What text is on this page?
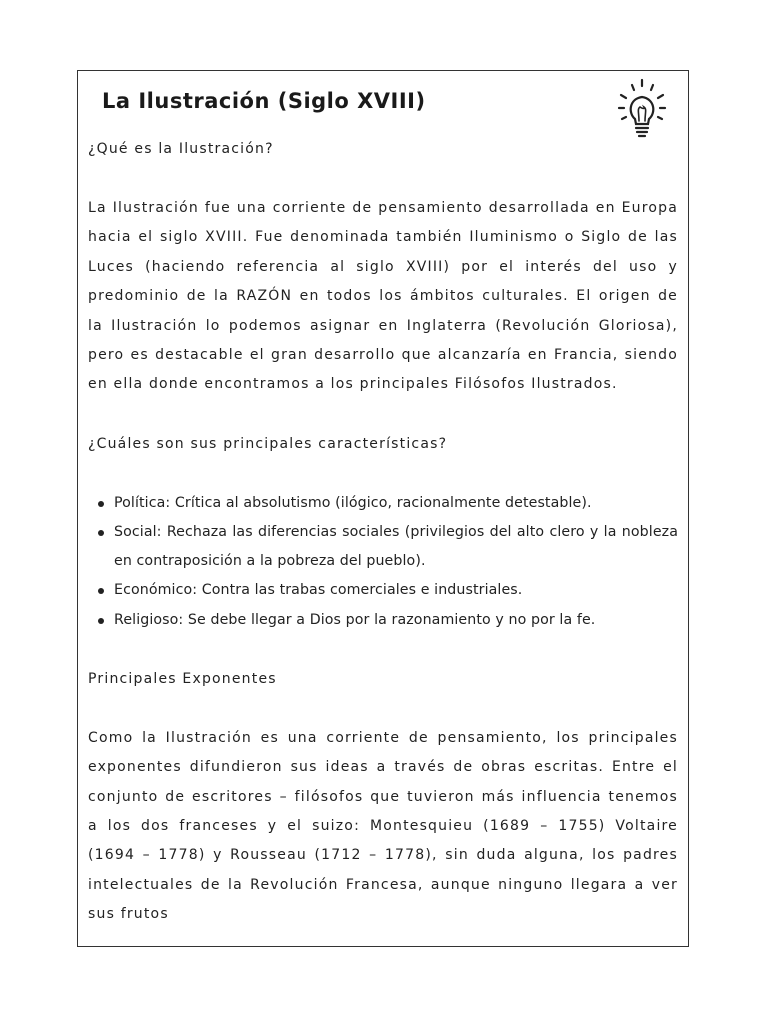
La Ilustración (Siglo XVIII)

¿Qué es la Ilustración?

La Ilustración fue una corriente de pensamiento desarrollada en Europa hacia el siglo XVIII. Fue denominada también Iluminismo o Siglo de las Luces (haciendo referencia al siglo XVIII) por el interés del uso y predominio de la RAZÓN en todos los ámbitos culturales. El origen de la Ilustración lo podemos asignar en Inglaterra (Revolución Gloriosa), pero es destacable el gran desarrollo que alcanzaría en Francia, siendo en ella donde encontramos a los principales Filósofos Ilustrados.

¿Cuáles son sus principales características?

Política: Crítica al absolutismo (ilógico, racionalmente detestable).
Social: Rechaza las diferencias sociales (privilegios del alto clero y la nobleza en contraposición a la pobreza del pueblo).
Económico: Contra las trabas comerciales e industriales.
Religioso: Se debe llegar a Dios por la razonamiento y no por la fe.

Principales Exponentes

Como la Ilustración es una corriente de pensamiento, los principales exponentes difundieron sus ideas a través de obras escritas. Entre el conjunto de escritores – filósofos que tuvieron más influencia tenemos a los dos franceses y el suizo: Montesquieu (1689 – 1755) Voltaire (1694 – 1778) y Rousseau (1712 – 1778), sin duda alguna, los padres intelectuales de la Revolución Francesa, aunque ninguno llegara a ver sus frutos
